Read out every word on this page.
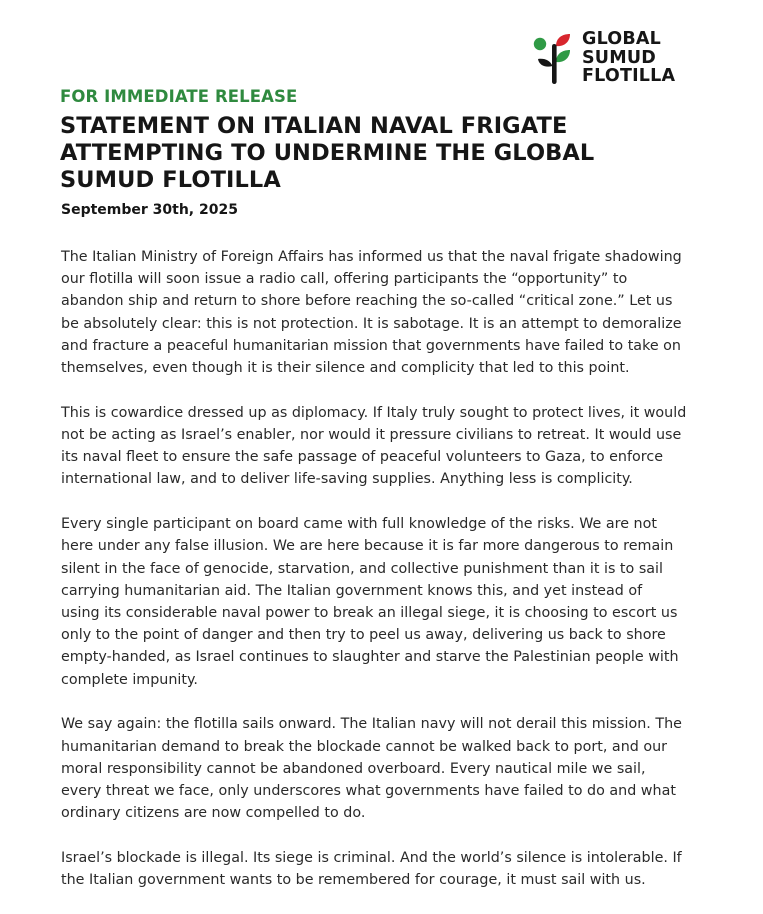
GLOBAL
SUMUD
FLOTILLA
FOR IMMEDIATE RELEASE
STATEMENT ON ITALIAN NAVAL FRIGATE
ATTEMPTING TO UNDERMINE THE GLOBAL
SUMUD FLOTILLA
September 30th, 2025
The Italian Ministry of Foreign Affairs has informed us that the naval frigate shadowing
our flotilla will soon issue a radio call, offering participants the “opportunity” to
abandon ship and return to shore before reaching the so-called “critical zone.” Let us
be absolutely clear: this is not protection. It is sabotage. It is an attempt to demoralize
and fracture a peaceful humanitarian mission that governments have failed to take on
themselves, even though it is their silence and complicity that led to this point.
This is cowardice dressed up as diplomacy. If Italy truly sought to protect lives, it would
not be acting as Israel’s enabler, nor would it pressure civilians to retreat. It would use
its naval fleet to ensure the safe passage of peaceful volunteers to Gaza, to enforce
international law, and to deliver life-saving supplies. Anything less is complicity.
Every single participant on board came with full knowledge of the risks. We are not
here under any false illusion. We are here because it is far more dangerous to remain
silent in the face of genocide, starvation, and collective punishment than it is to sail
carrying humanitarian aid. The Italian government knows this, and yet instead of
using its considerable naval power to break an illegal siege, it is choosing to escort us
only to the point of danger and then try to peel us away, delivering us back to shore
empty-handed, as Israel continues to slaughter and starve the Palestinian people with
complete impunity.
We say again: the flotilla sails onward. The Italian navy will not derail this mission. The
humanitarian demand to break the blockade cannot be walked back to port, and our
moral responsibility cannot be abandoned overboard. Every nautical mile we sail,
every threat we face, only underscores what governments have failed to do and what
ordinary citizens are now compelled to do.
Israel’s blockade is illegal. Its siege is criminal. And the world’s silence is intolerable. If
the Italian government wants to be remembered for courage, it must sail with us.
